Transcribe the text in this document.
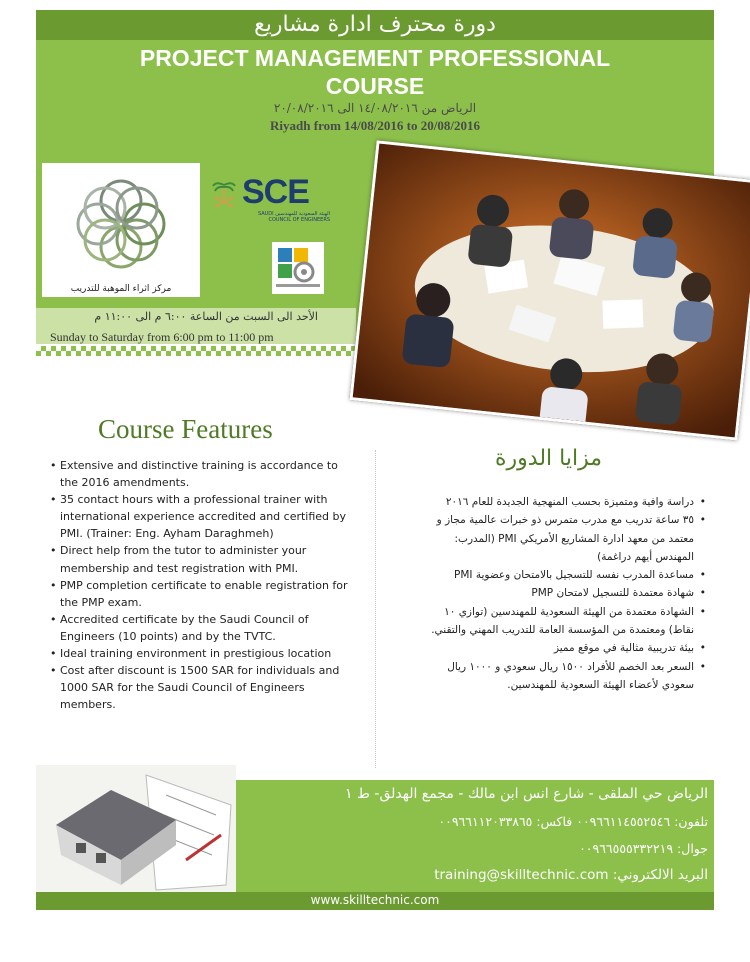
دورة محترف ادارة مشاريع
PROJECT MANAGEMENT PROFESSIONAL COURSE
الرياض من ١٤/٠٨/٢٠١٦ الى ٢٠/٠٨/٢٠١٦
Riyadh from 14/08/2016 to 20/08/2016
مركز اثراء الموهبة للتدريب
SCE
الهيئة السعودية للمهندسين SAUDI COUNCIL OF ENGINEERS
الأحد الى السبت من الساعة ٦:٠٠ م الى ١١:٠٠ م
Sunday to Saturday from 6:00 pm to 11:00 pm
Course Features
• Extensive and distinctive training is accordance to the 2016 amendments.
• 35 contact hours with a professional trainer with international experience accredited and certified by PMI. (Trainer: Eng. Ayham Daraghmeh)
• Direct help from the tutor to administer your membership and test registration with PMI.
• PMP completion certificate to enable registration for the PMP exam.
• Accredited certificate by the Saudi Council of Engineers (10 points) and by the TVTC.
• Ideal training environment in prestigious location
• Cost after discount is 1500 SAR for individuals and 1000 SAR for the Saudi Council of Engineers members.
مزايا الدورة
• دراسة وافية ومتميزة بحسب المنهجية الجديدة للعام ٢٠١٦
• ٣٥ ساعة تدريب مع مدرب متمرس ذو خبرات عالمية مجاز و معتمد من معهد ادارة المشاريع الأمريكي PMI (المدرب: المهندس أيهم دراغمة)
• مساعدة المدرب نفسه للتسجيل بالامتحان وعضوية PMI
• شهادة معتمدة للتسجيل لامتحان PMP
• الشهادة معتمدة من الهيئة السعودية للمهندسين (توازي ١٠ نقاط) ومعتمدة من المؤسسة العامة للتدريب المهني والتقني.
• بيئة تدريبية مثالية في موقع مميز
• السعر بعد الخصم للأفراد ١٥٠٠ ريال سعودي و ١٠٠٠ ريال سعودي لأعضاء الهيئة السعودية للمهندسين.
الرياض حي الملقى - شارع انس ابن مالك - مجمع الهدلق- ط ١
تلفون: ٠٠٩٦٦١١٤٥٥٢٥٤٦ فاكس: ٠٠٩٦٦١١٢٠٣٣٨٦٥
جوال: ٠٠٩٦٦٥٥٥٣٣٢٢١٩
البريد الالكتروني: training@skilltechnic.com
www.skilltechnic.com
